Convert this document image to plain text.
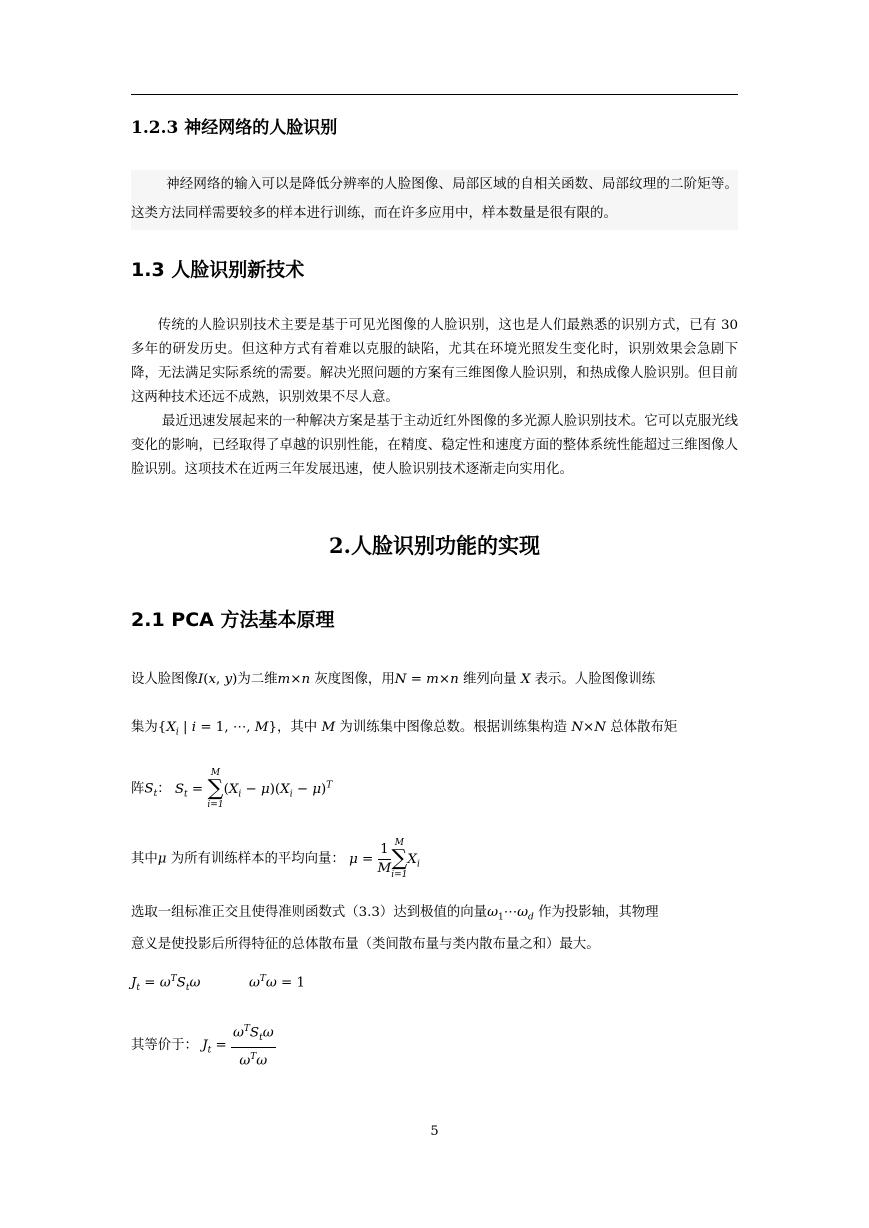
1.2.3 神经网络的人脸识别

神经网络的输入可以是降低分辨率的人脸图像、局部区域的自相关函数、局部纹理的二阶矩等。这类方法同样需要较多的样本进行训练，而在许多应用中，样本数量是很有限的。

1.3 人脸识别新技术

传统的人脸识别技术主要是基于可见光图像的人脸识别，这也是人们最熟悉的识别方式，已有 30 多年的研发历史。但这种方式有着难以克服的缺陷，尤其在环境光照发生变化时，识别效果会急剧下降，无法满足实际系统的需要。解决光照问题的方案有三维图像人脸识别，和热成像人脸识别。但目前这两种技术还远不成熟，识别效果不尽人意。

最近迅速发展起来的一种解决方案是基于主动近红外图像的多光源人脸识别技术。它可以克服光线变化的影响，已经取得了卓越的识别性能，在精度、稳定性和速度方面的整体系统性能超过三维图像人脸识别。这项技术在近两三年发展迅速，使人脸识别技术逐渐走向实用化。

2.人脸识别功能的实现
2.1 PCA 方法基本原理
设人脸图像I(x, y)为二维m×n 灰度图像，用N = m×n 维列向量 X 表示。人脸图像训练
集为{$X_i$ | i = 1, ⋯, M}，其中 M 为训练集中图像总数。根据训练集构造 N×N 总体散布矩
阵$S_t$： $S_t$ =
M
∑
i=1
$(X_i - \mu)(X_i - \mu)^T$
其中μ 为所有训练样本的平均向量： $\mu = \frac{1}{M}$ M
∑
i=1
$X_i$
选取一组标准正交且使得准则函数式（3.3）达到极值的向量$\omega_1\cdots\omega_d$ 作为投影轴，其物理
意义是使投影后所得特征的总体散布量（类间散布量与类内散布量之和）最大。
$J_t = \omega^TS_t\omega$	$\omega^T\omega = 1$
其等价于： $J_t = \frac{\omega^TS_t\omega}{\omega^T\omega}$
5
